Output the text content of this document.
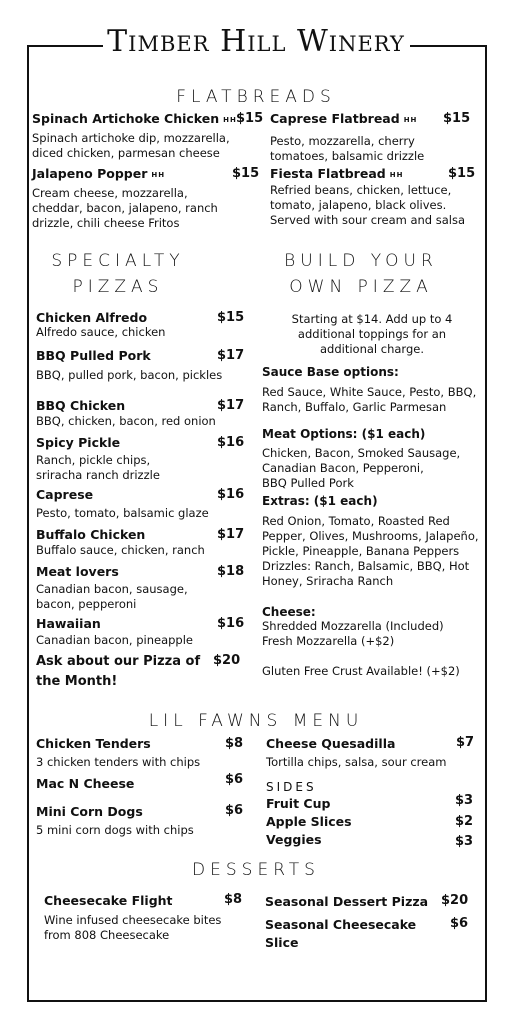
Timber Hill Winery
FLATBREADS
Spinach Artichoke Chicken HH $15
Spinach artichoke dip, mozzarella,
diced chicken, parmesan cheese
Jalapeno Popper HH	$15
Cream cheese, mozzarella,
cheddar, bacon, jalapeno, ranch
drizzle, chili cheese Fritos
Caprese Flatbread HH $15
Pesto, mozzarella, cherry
tomatoes, balsamic drizzle
Fiesta Flatbread HH	$15
Refried beans, chicken, lettuce,
tomato, jalapeno, black olives.
Served with sour cream and salsa
SPECIALTY
PIZZAS
Chicken Alfredo	$15
Alfredo sauce, chicken
BBQ Pulled Pork	$17
BBQ, pulled pork, bacon, pickles
BBQ Chicken	$17
BBQ, chicken, bacon, red onion
Spicy Pickle	$16
Ranch, pickle chips,
sriracha ranch drizzle
Caprese	$16
Pesto, tomato, balsamic glaze
Buffalo Chicken	$17
Buffalo sauce, chicken, ranch
Meat lovers	$18
Canadian bacon, sausage,
bacon, pepperoni
Hawaiian	$16
Canadian bacon, pineapple
Ask about our Pizza of
the Month!
$20
BUILD YOUR
OWN PIZZA
Starting at $14. Add up to 4
additional toppings for an
additional charge.
Sauce Base options:
Red Sauce, White Sauce, Pesto, BBQ,
Ranch, Buffalo, Garlic Parmesan
Meat Options: ($1 each)
Chicken, Bacon, Smoked Sausage,
Canadian Bacon, Pepperoni,
BBQ Pulled Pork
Extras: ($1 each)
Red Onion, Tomato, Roasted Red
Pepper, Olives, Mushrooms, Jalapeño,
Pickle, Pineapple, Banana Peppers
Drizzles: Ranch, Balsamic, BBQ, Hot
Honey, Sriracha Ranch
Cheese:
Shredded Mozzarella (Included)
Fresh Mozzarella (+$2)
Gluten Free Crust Available! (+$2)
LIL FAWNS MENU
Chicken Tenders	$8
3 chicken tenders with chips
Mac N Cheese	$6
Mini Corn Dogs	$6
5 mini corn dogs with chips
Cheese Quesadilla	$7
Tortilla chips, salsa, sour cream
SIDES
Fruit Cup	$3
Apple Slices	$2
Veggies	$3
DESSERTS
Cheesecake Flight	$8
Wine infused cheesecake bites
from 808 Cheesecake
Seasonal Dessert Pizza $20
Seasonal Cheesecake
Slice
$6
